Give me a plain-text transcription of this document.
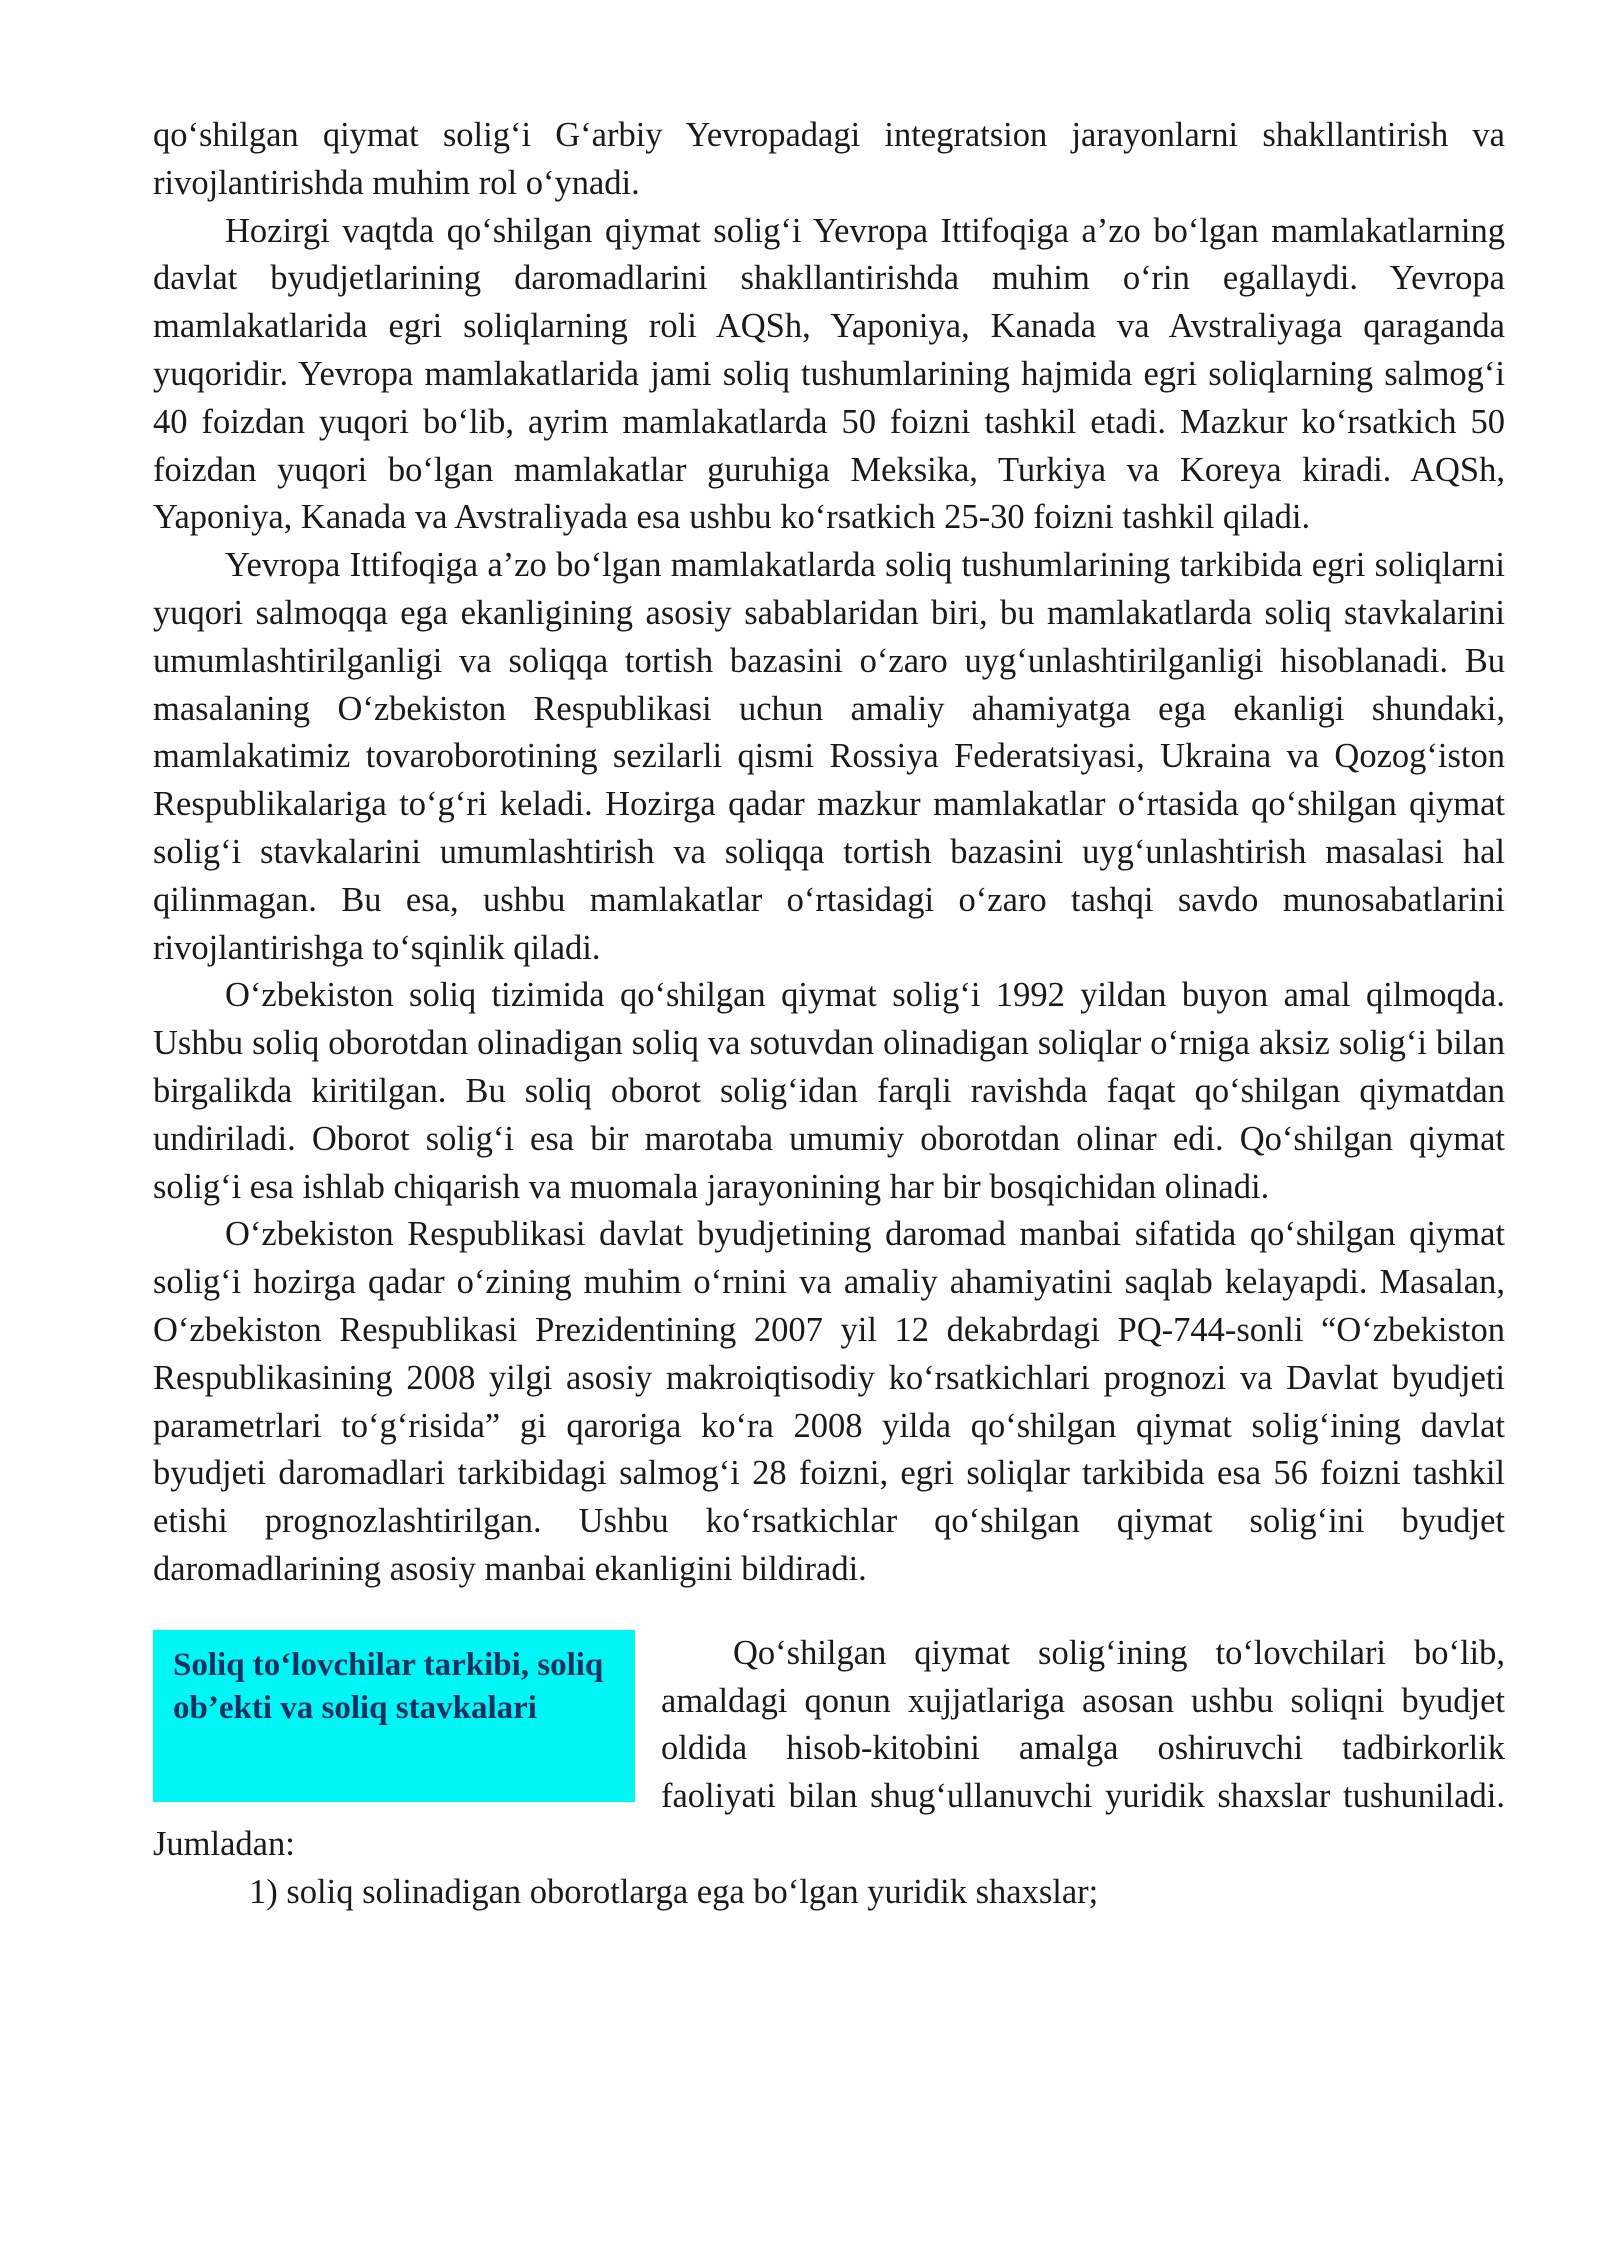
qo‘shilgan qiymat solig‘i G‘arbiy Yevropadagi integratsion jarayonlarni shakllantirish va rivojlantirishda muhim rol o‘ynadi.

Hozirgi vaqtda qo‘shilgan qiymat solig‘i Yevropa Ittifoqiga a’zo bo‘lgan mamlakatlarning davlat byudjetlarining daromadlarini shakllantirishda muhim o‘rin egallaydi. Yevropa mamlakatlarida egri soliqlarning roli AQSh, Yaponiya, Kanada va Avstraliyaga qaraganda yuqoridir. Yevropa mamlakatlarida jami soliq tushumlarining hajmida egri soliqlarning salmog‘i 40 foizdan yuqori bo‘lib, ayrim mamlakatlarda 50 foizni tashkil etadi. Mazkur ko‘rsatkich 50 foizdan yuqori bo‘lgan mamlakatlar guruhiga Meksika, Turkiya va Koreya kiradi. AQSh, Yaponiya, Kanada va Avstraliyada esa ushbu ko‘rsatkich 25-30 foizni tashkil qiladi.

Yevropa Ittifoqiga a’zo bo‘lgan mamlakatlarda soliq tushumlarining tarkibida egri soliqlarni yuqori salmoqqa ega ekanligining asosiy sabablaridan biri, bu mamlakatlarda soliq stavkalarini umumlashtirilganligi va soliqqa tortish bazasini o‘zaro uyg‘unlashtirilganligi hisoblanadi. Bu masalaning O‘zbekiston Respublikasi uchun amaliy ahamiyatga ega ekanligi shundaki, mamlakatimiz tovaroborotining sezilarli qismi Rossiya Federatsiyasi, Ukraina va Qozog‘iston Respublikalariga to‘g‘ri keladi. Hozirga qadar mazkur mamlakatlar o‘rtasida qo‘shilgan qiymat solig‘i stavkalarini umumlashtirish va soliqqa tortish bazasini uyg‘unlashtirish masalasi hal qilinmagan. Bu esa, ushbu mamlakatlar o‘rtasidagi o‘zaro tashqi savdo munosabatlarini rivojlantirishga to‘sqinlik qiladi.

O‘zbekiston soliq tizimida qo‘shilgan qiymat solig‘i 1992 yildan buyon amal qilmoqda. Ushbu soliq oborotdan olinadigan soliq va sotuvdan olinadigan soliqlar o‘rniga aksiz solig‘i bilan birgalikda kiritilgan. Bu soliq oborot solig‘idan farqli ravishda faqat qo‘shilgan qiymatdan undiriladi. Oborot solig‘i esa bir marotaba umumiy oborotdan olinar edi. Qo‘shilgan qiymat solig‘i esa ishlab chiqarish va muomala jarayonining har bir bosqichidan olinadi.

O‘zbekiston Respublikasi davlat byudjetining daromad manbai sifatida qo‘shilgan qiymat solig‘i hozirga qadar o‘zining muhim o‘rnini va amaliy ahamiyatini saqlab kelayapdi. Masalan, O‘zbekiston Respublikasi Prezidentining 2007 yil 12 dekabrdagi PQ-744-sonli “O‘zbekiston Respublikasining 2008 yilgi asosiy makroiqtisodiy ko‘rsatkichlari prognozi va Davlat byudjeti parametrlari to‘g‘risida” gi qaroriga ko‘ra 2008 yilda qo‘shilgan qiymat solig‘ining davlat byudjeti daromadlari tarkibidagi salmog‘i 28 foizni, egri soliqlar tarkibida esa 56 foizni tashkil etishi prognozlashtirilgan. Ushbu ko‘rsatkichlar qo‘shilgan qiymat solig‘ini byudjet daromadlarining asosiy manbai ekanligini bildiradi.

Soliq to‘lovchilar tarkibi, soliq ob’ekti va soliq stavkalari

Qo‘shilgan qiymat solig‘ining to‘lovchilari bo‘lib, amaldagi qonun xujjatlariga asosan ushbu soliqni byudjet oldida hisob-kitobini amalga oshiruvchi tadbirkorlik faoliyati bilan shug‘ullanuvchi yuridik shaxslar tushuniladi. Jumladan:

1) soliq solinadigan oborotlarga ega bo‘lgan yuridik shaxslar;
